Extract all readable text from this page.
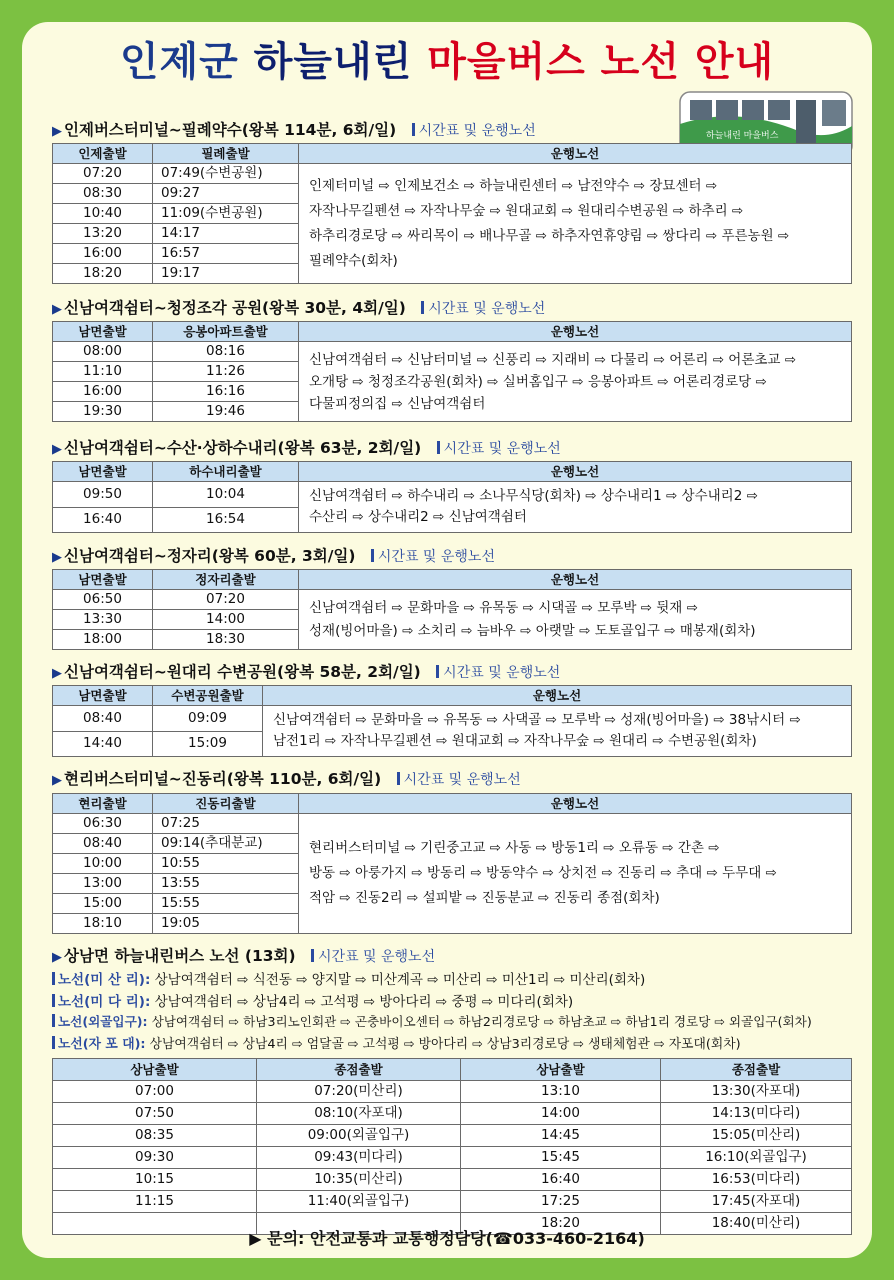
인제군 하늘내린 마을버스 노선 안내
하늘내린 마을버스
▶ 인제버스터미널~필례약수(왕복 114분, 6회/일) 시간표 및 운행노선
인제출발	필례출발	운행노선
07:20	07:49(수변공원)	인제터미널 ⇨ 인제보건소 ⇨ 하늘내린센터 ⇨ 남전약수 ⇨ 장묘센터 ⇨
자작나무길펜션 ⇨ 자작나무숲 ⇨ 원대교회 ⇨ 원대리수변공원 ⇨ 하추리 ⇨
하추리경로당 ⇨ 싸리목이 ⇨ 배나무골 ⇨ 하추자연휴양림 ⇨ 쌍다리 ⇨ 푸른농원 ⇨
필례약수(회차)

08:30	09:27	
10:40	11:09(수변공원)	
13:20	14:17	
16:00	16:57	
18:20	19:17	
▶ 신남여객쉼터~청정조각 공원(왕복 30분, 4회/일) 시간표 및 운행노선
남면출발	응봉아파트출발	운행노선
08:00	08:16	신남여객쉼터 ⇨ 신남터미널 ⇨ 신풍리 ⇨ 지래비 ⇨ 다물리 ⇨ 어론리 ⇨ 어론초교 ⇨
오개탕 ⇨ 청정조각공원(회차) ⇨ 실버홈입구 ⇨ 응봉아파트 ⇨ 어론리경로당 ⇨
다물피정의집 ⇨ 신남여객쉼터

11:10	11:26	
16:00	16:16	
19:30	19:46	
▶ 신남여객쉼터~수산·상하수내리(왕복 63분, 2회/일) 시간표 및 운행노선
남면출발	하수내리출발	운행노선
09:50	10:04	신남여객쉼터 ⇨ 하수내리 ⇨ 소나무식당(회차) ⇨ 상수내리1 ⇨ 상수내리2 ⇨
수산리 ⇨ 상수내리2 ⇨ 신남여객쉼터

16:40	16:54	
▶ 신남여객쉼터~정자리(왕복 60분, 3회/일) 시간표 및 운행노선
남면출발	정자리출발	운행노선
06:50	07:20	신남여객쉼터 ⇨ 문화마을 ⇨ 유목동 ⇨ 시댁골 ⇨ 모루박 ⇨ 뒷재 ⇨
성재(빙어마을) ⇨ 소치리 ⇨ 늠바우 ⇨ 아랫말 ⇨ 도토골입구 ⇨ 매봉재(회차)

13:30	14:00	
18:00	18:30	
▶ 신남여객쉼터~원대리 수변공원(왕복 58분, 2회/일) 시간표 및 운행노선
남면출발	수변공원출발	운행노선
08:40	09:09	신남여객쉼터 ⇨ 문화마을 ⇨ 유목동 ⇨ 사댁골 ⇨ 모루박 ⇨ 성재(빙어마을) ⇨ 38낚시터 ⇨
남전1리 ⇨ 자작나무길펜션 ⇨ 원대교회 ⇨ 자작나무숲 ⇨ 원대리 ⇨ 수변공원(회차)

14:40	15:09	
▶ 현리버스터미널~진동리(왕복 110분, 6회/일) 시간표 및 운행노선
현리출발	진동리출발	운행노선
06:30	07:25	현리버스터미널 ⇨ 기린중고교 ⇨ 사동 ⇨ 방동1리 ⇨ 오류동 ⇨ 간촌 ⇨
방동 ⇨ 아룽가지 ⇨ 방동리 ⇨ 방동약수 ⇨ 상치전 ⇨ 진동리 ⇨ 추대 ⇨ 두무대 ⇨
적암 ⇨ 진동2리 ⇨ 설피밭 ⇨ 진동분교 ⇨ 진동리 종점(회차)

08:40	09:14(추대분교)	
10:00	10:55	
13:00	13:55	
15:00	15:55	
18:10	19:05	
▶ 상남면 하늘내린버스 노선 (13회) 시간표 및 운행노선
노선(미 산 리): 상남여객쉼터 ⇨ 식전동 ⇨ 양지말 ⇨ 미산계곡 ⇨ 미산리 ⇨ 미산1리 ⇨ 미산리(회차)
노선(미 다 리): 상남여객쉼터 ⇨ 상남4리 ⇨ 고석평 ⇨ 방아다리 ⇨ 중평 ⇨ 미다리(회차)
노선(외골입구): 상남여객쉼터 ⇨ 하남3리노인회관 ⇨ 곤충바이오센터 ⇨ 하남2리경로당 ⇨ 하남초교 ⇨ 하남1리 경로당 ⇨ 외골입구(회차)
노선(자 포 대): 상남여객쉼터 ⇨ 상남4리 ⇨ 엄달골 ⇨ 고석평 ⇨ 방아다리 ⇨ 상남3리경로당 ⇨ 생태체험관 ⇨ 자포대(회차)
상남출발	종점출발	상남출발	종점출발
07:00	07:20(미산리)	13:10	13:30(자포대)
07:50	08:10(자포대)	14:00	14:13(미다리)
08:35	09:00(외골입구)	14:45	15:05(미산리)
09:30	09:43(미다리)	15:45	16:10(외골입구)
10:15	10:35(미산리)	16:40	16:53(미다리)
11:15	11:40(외골입구)	17:25	17:45(자포대)
		18:20	18:40(미산리)
▶ 문의: 안전교통과 교통행정담당(☎033-460-2164)
